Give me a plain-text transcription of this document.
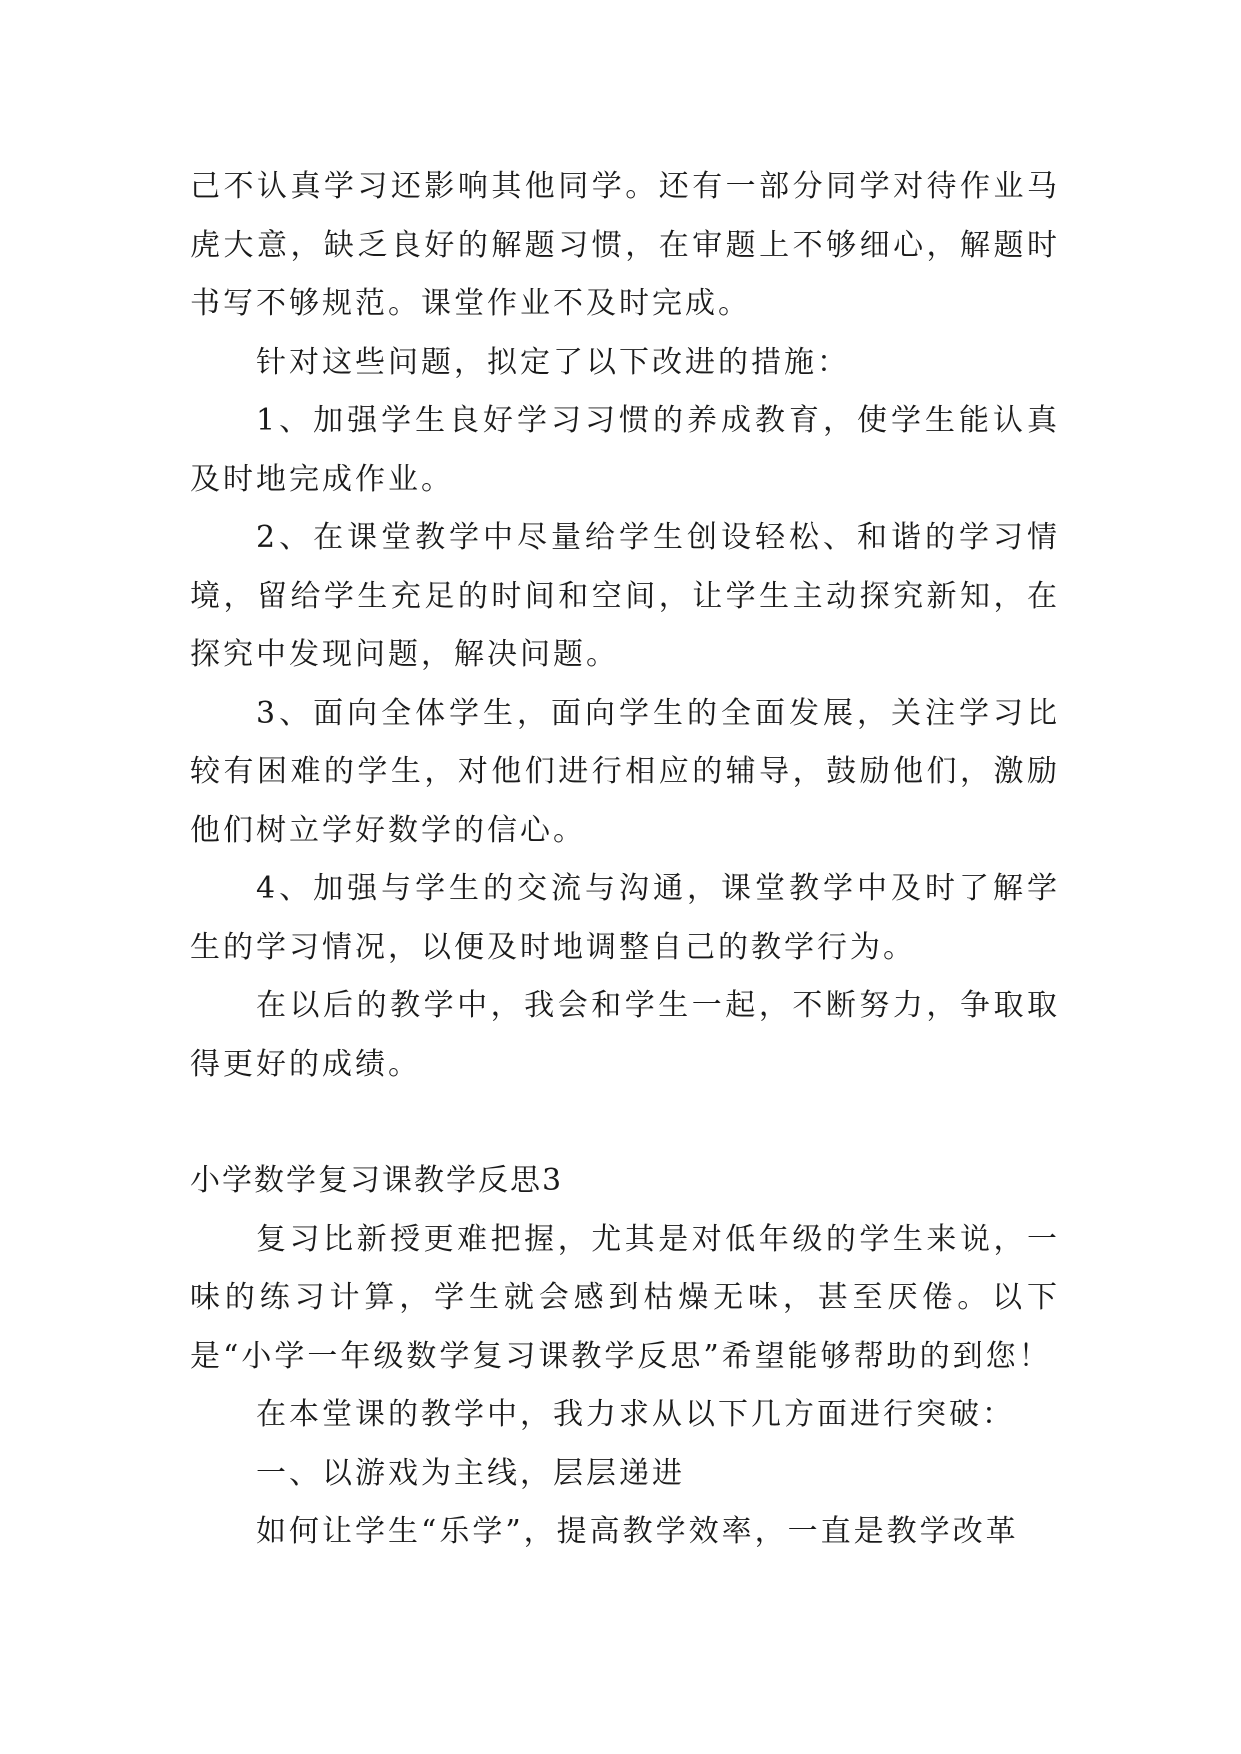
己不认真学习还影响其他同学。还有一部分同学对待作业马虎大意，缺乏良好的解题习惯，在审题上不够细心，解题时书写不够规范。课堂作业不及时完成。

针对这些问题，拟定了以下改进的措施：

1、加强学生良好学习习惯的养成教育，使学生能认真及时地完成作业。

2、在课堂教学中尽量给学生创设轻松、和谐的学习情境，留给学生充足的时间和空间，让学生主动探究新知，在探究中发现问题，解决问题。

3、面向全体学生，面向学生的全面发展，关注学习比较有困难的学生，对他们进行相应的辅导，鼓励他们，激励他们树立学好数学的信心。

4、加强与学生的交流与沟通，课堂教学中及时了解学生的学习情况，以便及时地调整自己的教学行为。

在以后的教学中，我会和学生一起，不断努力，争取取得更好的成绩。

小学数学复习课教学反思3

复习比新授更难把握，尤其是对低年级的学生来说，一味的练习计算，学生就会感到枯燥无味，甚至厌倦。以下是“小学一年级数学复习课教学反思”希望能够帮助的到您！

在本堂课的教学中，我力求从以下几方面进行突破：

一、以游戏为主线，层层递进

如何让学生“乐学”，提高教学效率，一直是教学改革
